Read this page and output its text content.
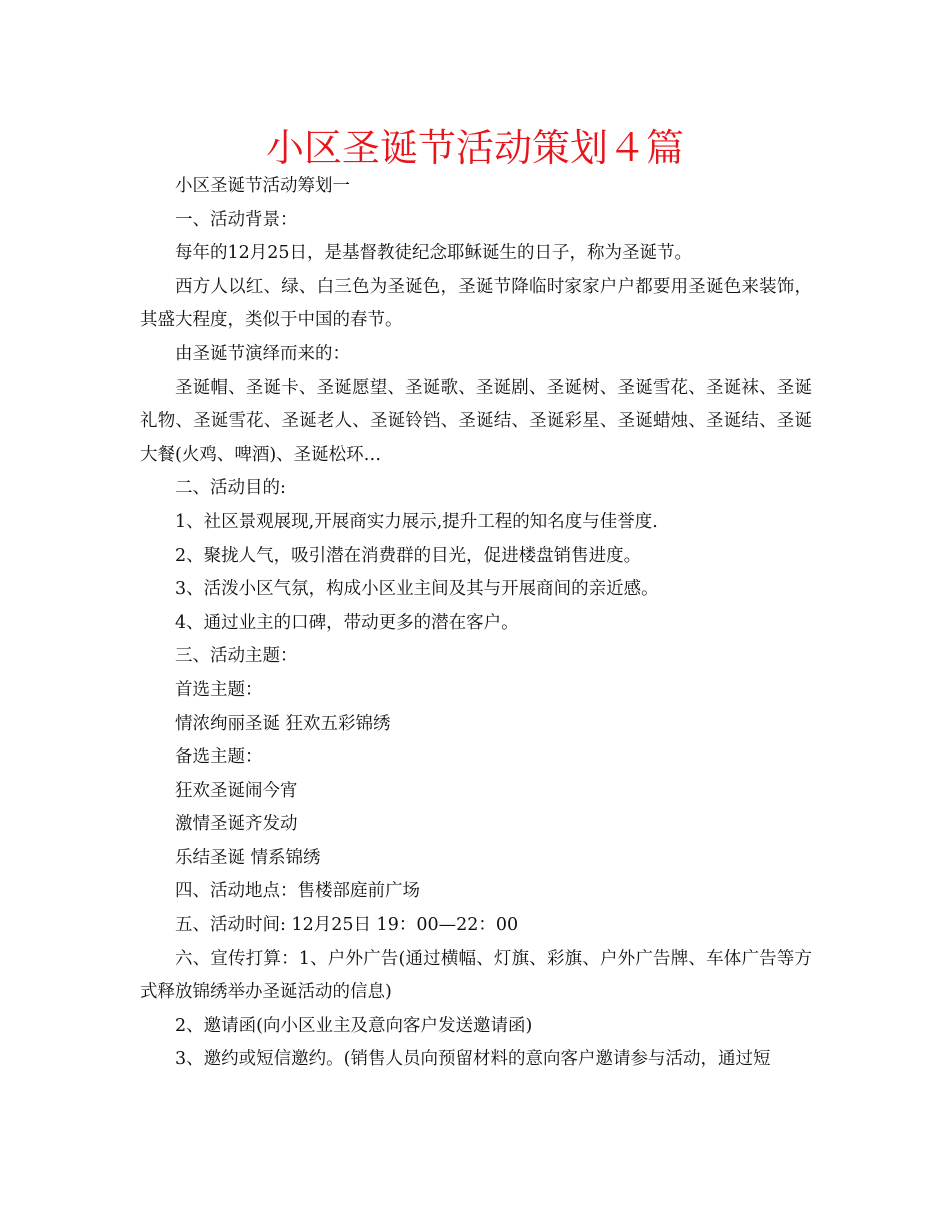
小区圣诞节活动策划４篇

小区圣诞节活动筹划一

一、活动背景：

每年的12月25日，是基督教徒纪念耶稣诞生的日子，称为圣诞节。

西方人以红、绿、白三色为圣诞色，圣诞节降临时家家户户都要用圣诞色来装饰，其盛大程度，类似于中国的春节。

由圣诞节演绎而来的：

圣诞帽、圣诞卡、圣诞愿望、圣诞歌、圣诞剧、圣诞树、圣诞雪花、圣诞袜、圣诞礼物、圣诞雪花、圣诞老人、圣诞铃铛、圣诞结、圣诞彩星、圣诞蜡烛、圣诞结、圣诞大餐(火鸡、啤酒)、圣诞松环…

二、活动目的:

1、社区景观展现,开展商实力展示,提升工程的知名度与佳誉度.

2、聚拢人气，吸引潜在消费群的目光，促进楼盘销售进度。

3、活泼小区气氛，构成小区业主间及其与开展商间的亲近感。

4、通过业主的口碑，带动更多的潜在客户。

三、活动主题：

首选主题：

情浓绚丽圣诞 狂欢五彩锦绣

备选主题：

狂欢圣诞闹今宵

激情圣诞齐发动

乐结圣诞 情系锦绣

四、活动地点：售楼部庭前广场

五、活动时间: 12月25日 19：00—22：00

六、宣传打算：1、户外广告(通过横幅、灯旗、彩旗、户外广告牌、车体广告等方式释放锦绣举办圣诞活动的信息)

2、邀请函(向小区业主及意向客户发送邀请函)

3、邀约或短信邀约。(销售人员向预留材料的意向客户邀请参与活动，通过短
